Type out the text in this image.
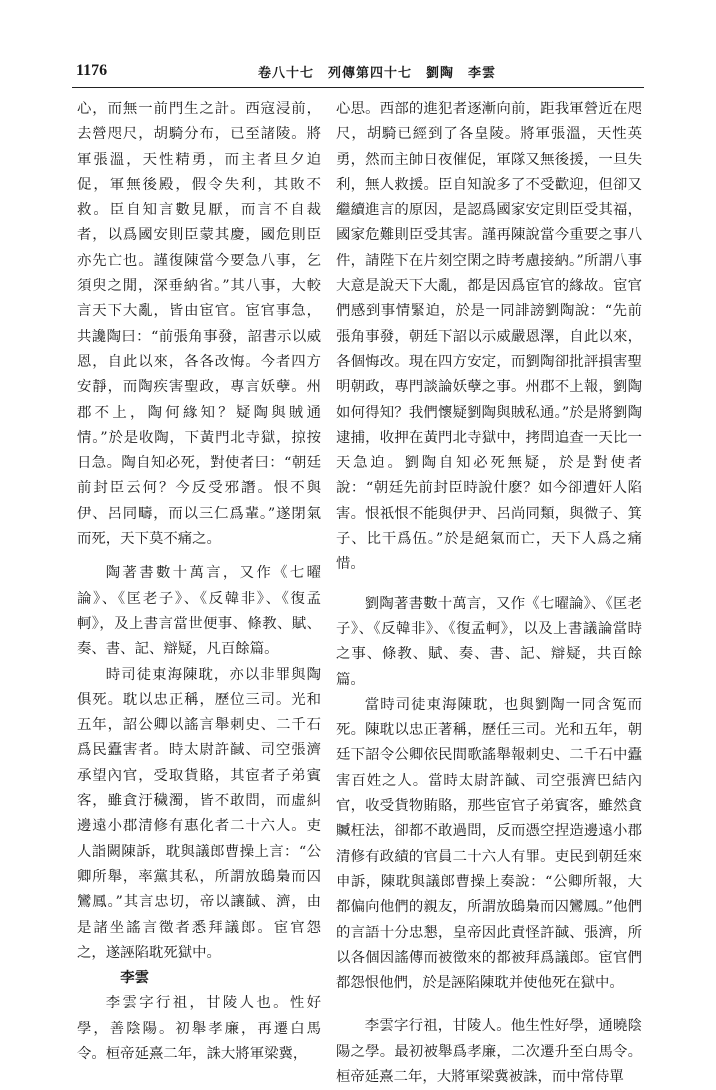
1176	卷八十七　列傳第四十七　劉陶　李雲

心，而無一前門生之計。西寇浸前，去營咫尺，胡騎分布，已至諸陵。將軍張溫，天性精勇，而主者旦夕迫促，軍無後殿，假令失利，其敗不救。臣自知言數見厭，而言不自裁者，以爲國安則臣蒙其慶，國危則臣亦先亡也。謹復陳當今要急八事，乞須臾之閒，深垂納省。”其八事，大較言天下大亂，皆由宦官。宦官事急，共讒陶曰：“前張角事發，詔書示以威恩，自此以來，各各改悔。今者四方安靜，而陶疾害聖政，專言妖孽。州郡不上，陶何緣知？疑陶與賊通情。”於是收陶，下黃門北寺獄，掠按日急。陶自知必死，對使者曰：“朝廷前封臣云何？今反受邪譖。恨不與伊、呂同疇，而以三仁爲輩。”遂閉氣而死，天下莫不痛之。

陶著書數十萬言，又作《七曜論》、《匡老子》、《反韓非》、《復孟軻》，及上書言當世便事、條教、賦、奏、書、記、辯疑，凡百餘篇。

時司徒東海陳耽，亦以非罪與陶俱死。耽以忠正稱，歷位三司。光和五年，詔公卿以謠言舉刺史、二千石爲民蠹害者。時太尉許馘、司空張濟承望內官，受取貨賂，其宦者子弟賓客，雖貪汙穢濁，皆不敢問，而虛糾邊遠小郡清修有惠化者二十六人。吏人詣闕陳訴，耽與議郎曹操上言：“公卿所舉，率黨其私，所謂放鴟梟而囚鸞鳳。”其言忠切，帝以讓馘、濟，由是諸坐謠言徵者悉拜議郎。宦官怨之，遂誣陷耽死獄中。

李雲

李雲字行祖，甘陵人也。性好學，善陰陽。初舉孝廉，再遷白馬令。桓帝延熹二年，誅大將軍梁冀，

心思。西部的進犯者逐漸向前，距我軍營近在咫尺，胡騎已經到了各皇陵。將軍張溫，天性英勇，然而主帥日夜催促，軍隊又無後援，一旦失利，無人救援。臣自知說多了不受歡迎，但卻又繼續進言的原因，是認爲國家安定則臣受其福，國家危難則臣受其害。謹再陳說當今重要之事八件，請陛下在片刻空閑之時考慮接納。”所謂八事大意是說天下大亂，都是因爲宦官的緣故。宦官們感到事情緊迫，於是一同誹謗劉陶說：“先前張角事發，朝廷下詔以示威嚴恩澤，自此以來，各個悔改。現在四方安定，而劉陶卻批評損害聖明朝政，專門談論妖孽之事。州郡不上報，劉陶如何得知？我們懷疑劉陶與賊私通。”於是將劉陶逮捕，收押在黃門北寺獄中，拷問追查一天比一天急迫。劉陶自知必死無疑，於是對使者說：“朝廷先前封臣時說什麽？如今卻遭奸人陷害。恨祇恨不能與伊尹、呂尚同類，與微子、箕子、比干爲伍。”於是絕氣而亡，天下人爲之痛惜。

劉陶著書數十萬言，又作《七曜論》、《匡老子》、《反韓非》、《復孟軻》，以及上書議論當時之事、條教、賦、奏、書、記、辯疑，共百餘篇。

當時司徒東海陳耽，也與劉陶一同含冤而死。陳耽以忠正著稱，歷任三司。光和五年，朝廷下詔令公卿依民間歌謠舉報刺史、二千石中蠹害百姓之人。當時太尉許馘、司空張濟巴結內官，收受貨物賄賂，那些宦官子弟賓客，雖然貪贓枉法，卻都不敢過問，反而憑空捏造邊遠小郡清修有政績的官員二十六人有罪。吏民到朝廷來申訴，陳耽與議郎曹操上奏說：“公卿所報，大都偏向他們的親友，所謂放鴟梟而囚鸞鳳。”他們的言語十分忠懇，皇帝因此責怪許馘、張濟，所以各個因謠傳而被徵來的都被拜爲議郎。宦官們都怨恨他們，於是誣陷陳耽并使他死在獄中。

李雲字行祖，甘陵人。他生性好學，通曉陰陽之學。最初被舉爲孝廉，二次遷升至白馬令。桓帝延熹二年，大將軍梁冀被誅，而中常侍單
